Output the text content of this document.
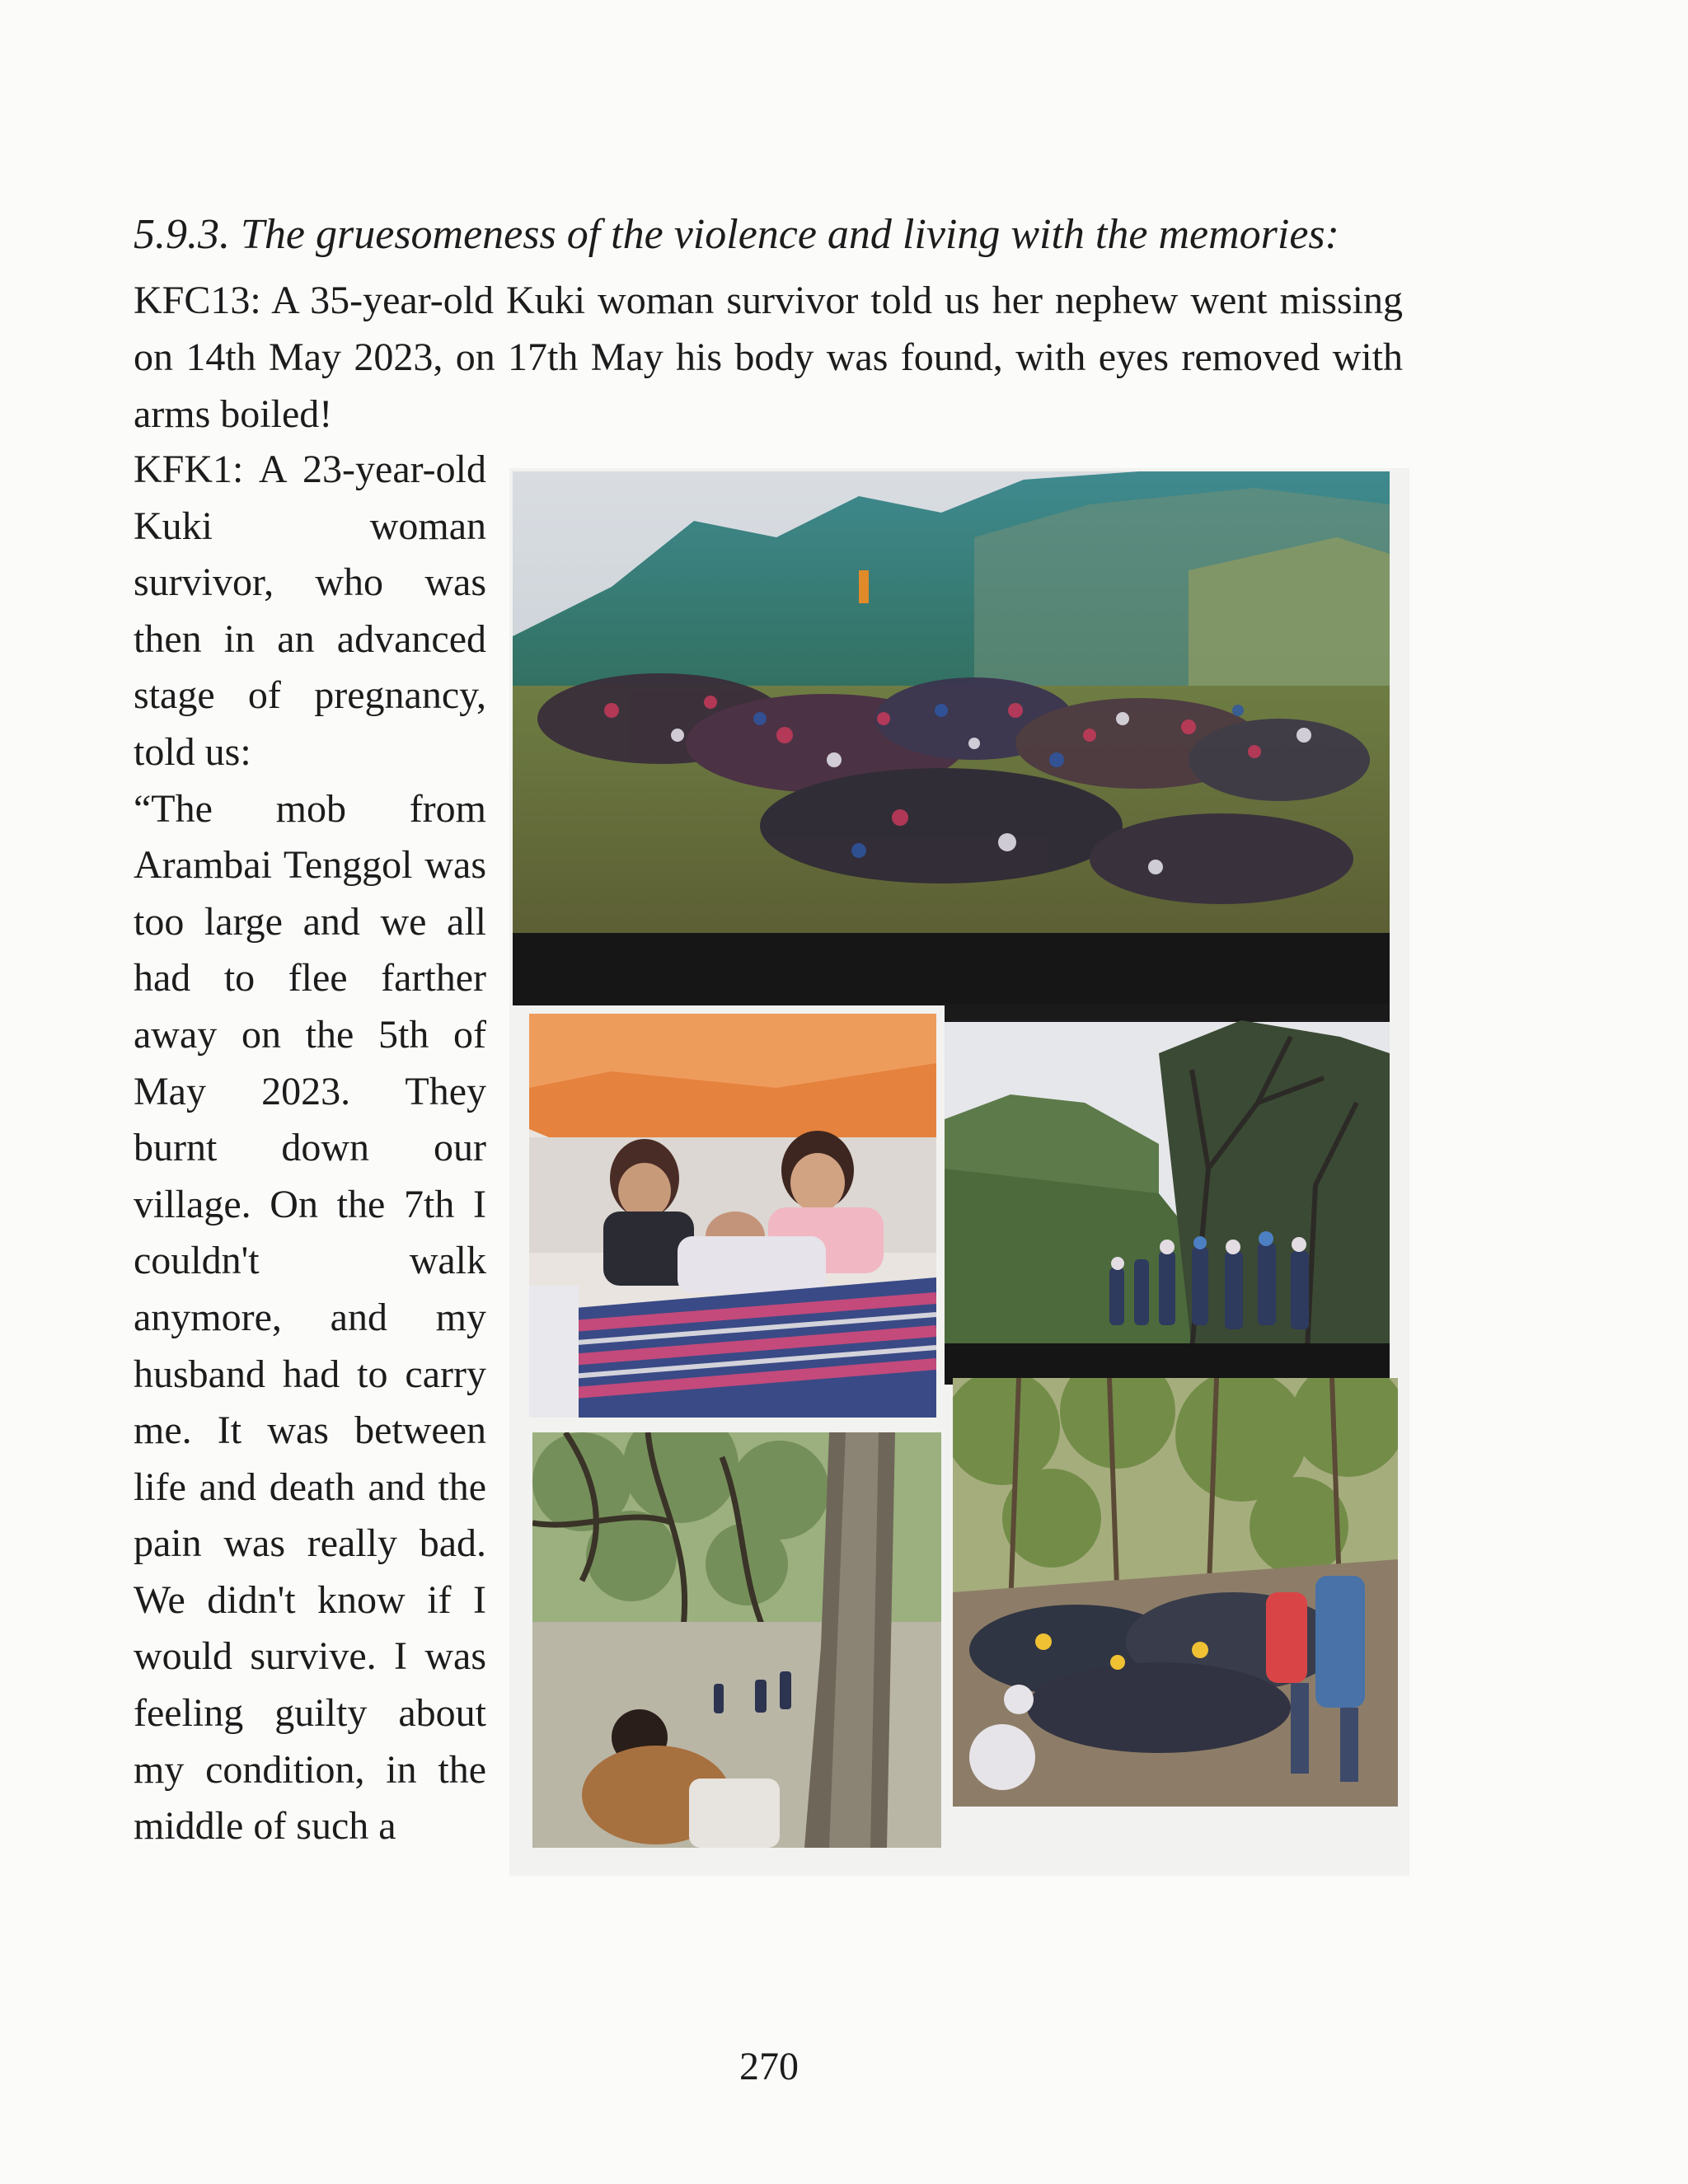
5.9.3. The gruesomeness of the violence and living with the memories:

KFC13: A 35-year-old Kuki woman survivor told us her nephew went missing on 14th May 2023, on 17th May his body was found, with eyes removed with arms boiled!

KFK1: A 23-year-old Kuki woman survivor, who was then in an advanced stage of pregnancy, told us:

“The mob from Arambai Tenggol was too large and we all had to flee farther away on the 5th of May 2023. They burnt down our village. On the 7th I couldn't walk anymore, and my husband had to carry me. It was between life and death and the pain was really bad. We didn't know if I would survive. I was feeling guilty about my condition, in the middle of such a

270
